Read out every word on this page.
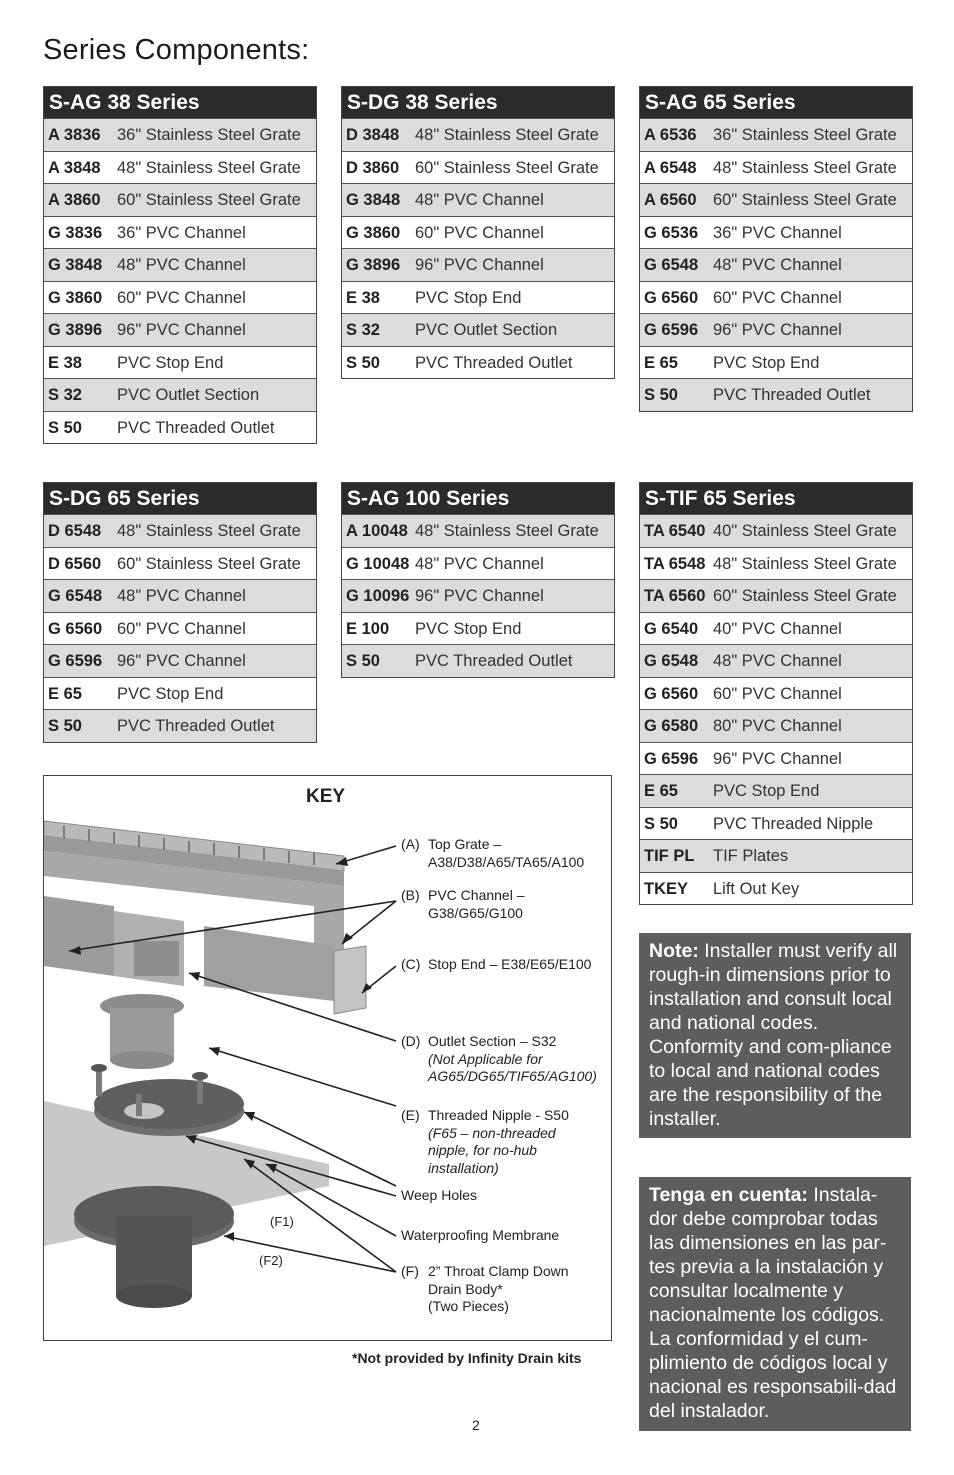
Series Components:
S-AG 38 Series
A 3836 36" Stainless Steel Grate
A 3848 48" Stainless Steel Grate
A 3860 60" Stainless Steel Grate
G 3836 36" PVC Channel
G 3848 48" PVC Channel
G 3860 60" PVC Channel
G 3896 96" PVC Channel
E 38	PVC Stop End
S 32	PVC Outlet Section
S 50	PVC Threaded Outlet
S-DG 38 Series
D 3848 48" Stainless Steel Grate
D 3860 60" Stainless Steel Grate
G 3848 48" PVC Channel
G 3860 60" PVC Channel
G 3896 96" PVC Channel
E 38	PVC Stop End
S 32	PVC Outlet Section
S 50	PVC Threaded Outlet
S-AG 65 Series
A 6536 36" Stainless Steel Grate
A 6548 48" Stainless Steel Grate
A 6560 60" Stainless Steel Grate
G 6536 36" PVC Channel
G 6548 48" PVC Channel
G 6560 60" PVC Channel
G 6596 96" PVC Channel
E 65	PVC Stop End
S 50	PVC Threaded Outlet
S-DG 65 Series
D 6548 48" Stainless Steel Grate
D 6560 60" Stainless Steel Grate
G 6548 48" PVC Channel
G 6560 60" PVC Channel
G 6596 96" PVC Channel
E 65	PVC Stop End
S 50	PVC Threaded Outlet
S-AG 100 Series
A 10048 48" Stainless Steel Grate
G 10048 48" PVC Channel
G 10096 96" PVC Channel
E 100	PVC Stop End
S 50	PVC Threaded Outlet
S-TIF 65 Series
TA 6540 40" Stainless Steel Grate
TA 6548 48" Stainless Steel Grate
TA 6560 60" Stainless Steel Grate
G 6540 40" PVC Channel
G 6548 48" PVC Channel
G 6560 60" PVC Channel
G 6580 80" PVC Channel
G 6596 96" PVC Channel
E 65	PVC Stop End
S 50	PVC Threaded Nipple
TIF PL	TIF Plates
TKEY	Lift Out Key
KEY
(A) Top Grate –
A38/D38/A65/TA65/A100
(B) PVC Channel –
G38/G65/G100
(C) Stop End – E38/E65/E100
(D) Outlet Section – S32
(Not Applicable for
AG65/DG65/TIF65/AG100)
(E) Threaded Nipple - S50
(F65 – non-threaded
nipple, for no-hub
installation)
Weep Holes
Waterproofing Membrane
(F) 2” Throat Clamp Down
Drain Body*
(Two Pieces)
(F1)
(F2)
*Not provided by Infinity Drain kits
2
Note: Installer must verify all rough-in dimensions prior to installation and consult local and national codes. Conformity and com-pliance to local and national codes are the responsibility of the installer.
Tenga en cuenta: Instala-dor debe comprobar todas las dimensiones en las par-tes previa a la instalación y consultar localmente y nacionalmente los códigos. La conformidad y el cum-plimiento de códigos local y nacional es responsabili-dad del instalador.
